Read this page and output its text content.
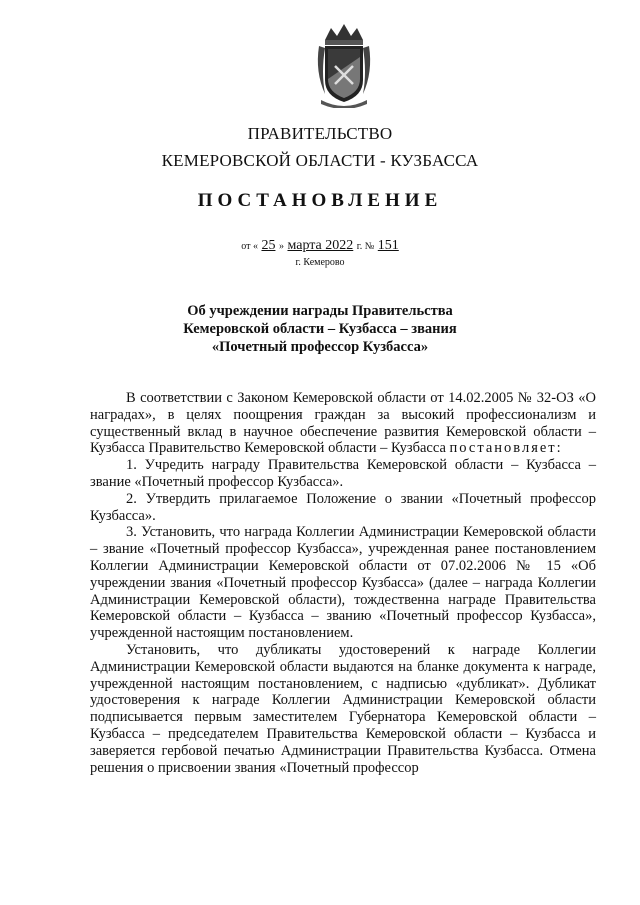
ПРАВИТЕЛЬСТВО
КЕМЕРОВСКОЙ ОБЛАСТИ - КУЗБАССА
ПОСТАНОВЛЕНИЕ
от « 25 » марта 2022 г. № 151
г. Кемерово
Об учреждении награды Правительства
Кемеровской области – Кузбасса – звания
«Почетный профессор Кузбасса»

В соответствии с Законом Кемеровской области от 14.02.2005 № 32-ОЗ «О наградах», в целях поощрения граждан за высокий профессионализм и существенный вклад в научное обеспечение развития Кемеровской области – Кузбасса Правительство Кемеровской области – Кузбасса постановляет:

1. Учредить награду Правительства Кемеровской области – Кузбасса – звание «Почетный профессор Кузбасса».

2. Утвердить прилагаемое Положение о звании «Почетный профессор Кузбасса».

3. Установить, что награда Коллегии Администрации Кемеровской области – звание «Почетный профессор Кузбасса», учрежденная ранее постановлением Коллегии Администрации Кемеровской области от 07.02.2006 № 15 «Об учреждении звания «Почетный профессор Кузбасса» (далее – награда Коллегии Администрации Кемеровской области), тождественна награде Правительства Кемеровской области – Кузбасса – званию «Почетный профессор Кузбасса», учрежденной настоящим постановлением.

Установить, что дубликаты удостоверений к награде Коллегии Администрации Кемеровской области выдаются на бланке документа к награде, учрежденной настоящим постановлением, с надписью «дубликат». Дубликат удостоверения к награде Коллегии Администрации Кемеровской области подписывается первым заместителем Губернатора Кемеровской области – Кузбасса – председателем Правительства Кемеровской области – Кузбасса и заверяется гербовой печатью Администрации Правительства Кузбасса. Отмена решения о присвоении звания «Почетный профессор
